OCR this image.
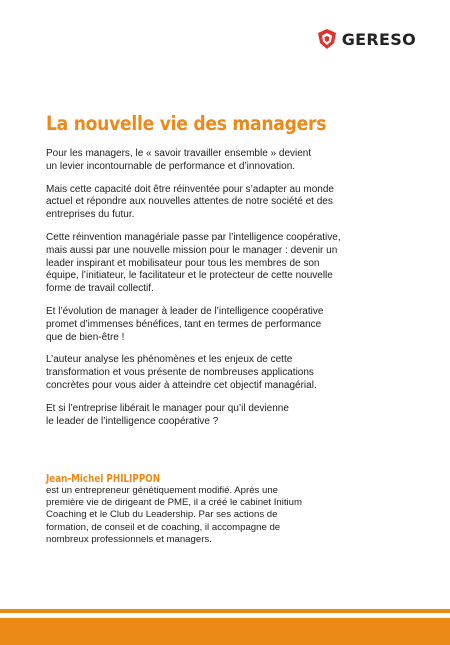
GERESO
La nouvelle vie des managers

Pour les managers, le « savoir travailler ensemble » devient
un levier incontournable de performance et d’innovation.

Mais cette capacité doit être réinventée pour s’adapter au monde
actuel et répondre aux nouvelles attentes de notre société et des
entreprises du futur.

Cette réinvention managériale passe par l’intelligence coopérative,
mais aussi par une nouvelle mission pour le manager : devenir un
leader inspirant et mobilisateur pour tous les membres de son
équipe, l’initiateur, le facilitateur et le protecteur de cette nouvelle
forme de travail collectif.

Et l’évolution de manager à leader de l’intelligence coopérative
promet d’immenses bénéfices, tant en termes de performance
que de bien-être !

L’auteur analyse les phénomènes et les enjeux de cette
transformation et vous présente de nombreuses applications
concrètes pour vous aider à atteindre cet objectif managérial.

Et si l’entreprise libérait le manager pour qu’il devienne
le leader de l’intelligence coopérative ?

Jean-Michel PHILIPPON
est un entrepreneur génétiquement modifié. Après une
première vie de dirigeant de PME, il a créé le cabinet Initium
Coaching et le Club du Leadership. Par ses actions de
formation, de conseil et de coaching, il accompagne de
nombreux professionnels et managers.
